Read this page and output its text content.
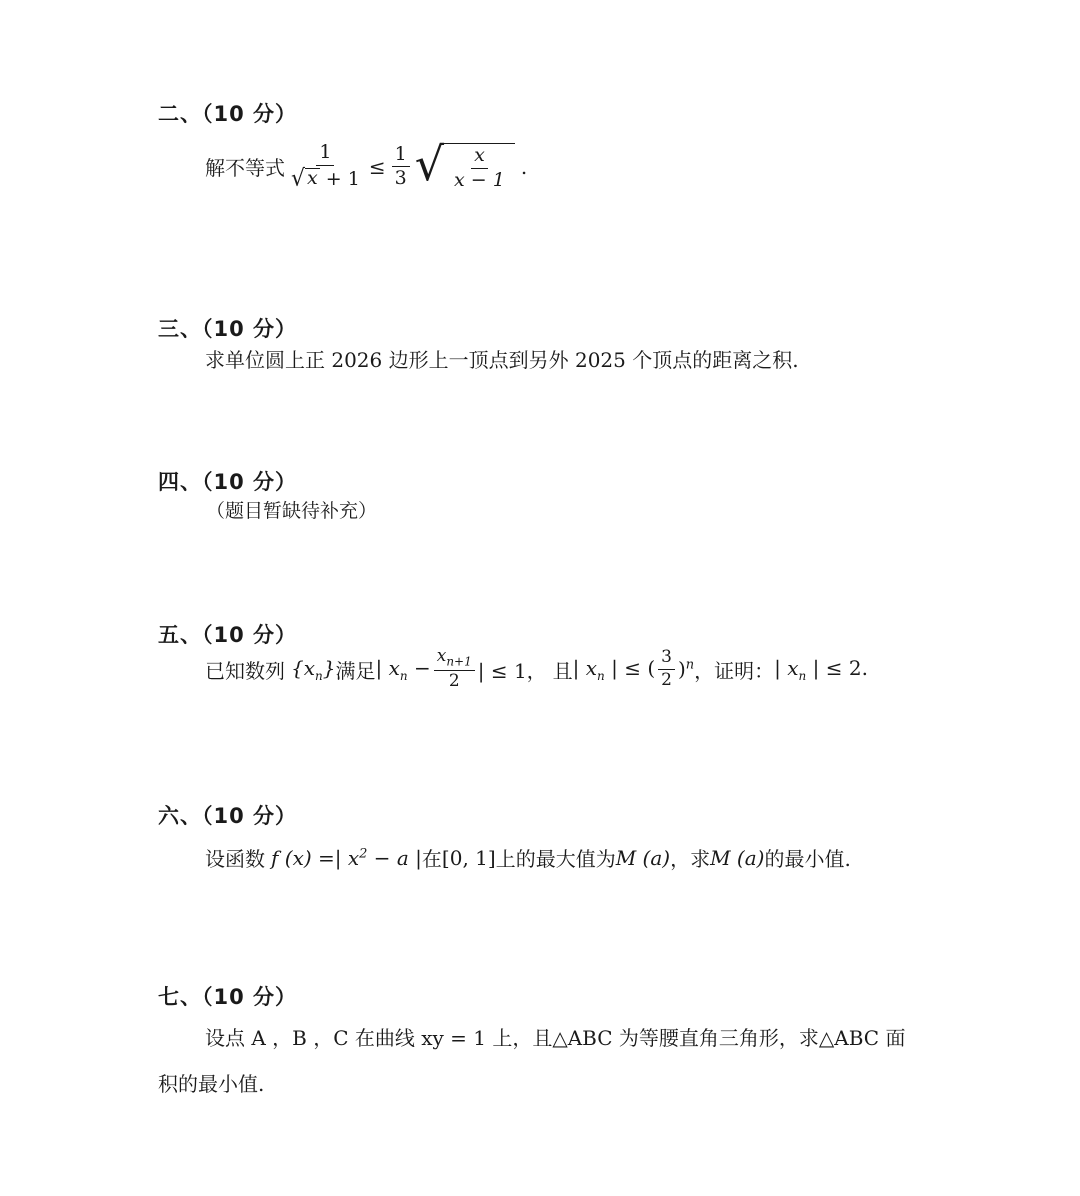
二、（10 分）
解不等式 $\frac{1}{√ x + 1} \le \frac{1}{3}$ √ $\frac{x}{x - 1}$ .
三、（10 分）
求单位圆上正 2026 边形上一顶点到另外 2025 个顶点的距离之积.
四、（10 分）
（题目暂缺待补充）
五、（10 分）
已知数列 $\{x_n\}$ 满足 | $x_n - \frac{x_{n+1}}{2}$ | ≤ 1， 且 | $x_n$ | ≤ ( $\frac{3}{2} )^n$ ，证明： | $x_n$ | ≤ 2.
六、（10 分）
设函数 f (x) =| $x^2 - a$ | 在 [0, 1] 上的最大值为 M (a) ，求 M (a) 的最小值.
七、（10 分）
设点 A ，B ，C 在曲线 xy = 1 上，且△ABC 为等腰直角三角形，求△ABC 面
积的最小值.
